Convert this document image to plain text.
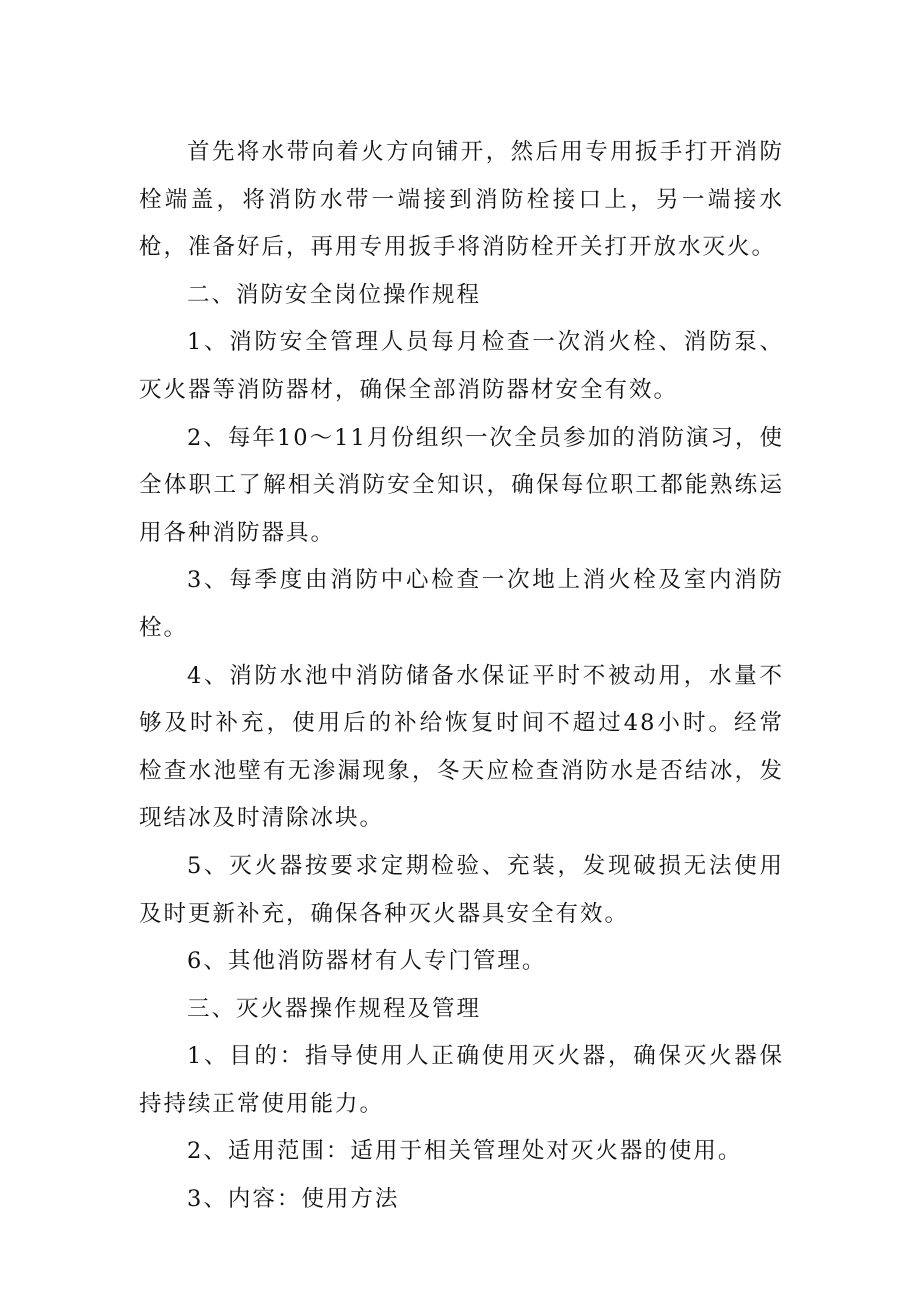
首先将水带向着火方向铺开，然后用专用扳手打开消防栓端盖，将消防水带一端接到消防栓接口上，另一端接水枪，准备好后，再用专用扳手将消防栓开关打开放水灭火。

二、消防安全岗位操作规程

1、消防安全管理人员每月检查一次消火栓、消防泵、灭火器等消防器材，确保全部消防器材安全有效。

2、每年10～11月份组织一次全员参加的消防演习，使全体职工了解相关消防安全知识，确保每位职工都能熟练运用各种消防器具。

3、每季度由消防中心检查一次地上消火栓及室内消防栓。

4、消防水池中消防储备水保证平时不被动用，水量不够及时补充，使用后的补给恢复时间不超过48小时。经常检查水池壁有无渗漏现象，冬天应检查消防水是否结冰，发现结冰及时清除冰块。

5、灭火器按要求定期检验、充装，发现破损无法使用及时更新补充，确保各种灭火器具安全有效。

6、其他消防器材有人专门管理。

三、灭火器操作规程及管理

1、目的：指导使用人正确使用灭火器，确保灭火器保持持续正常使用能力。

2、适用范围：适用于相关管理处对灭火器的使用。

3、内容：使用方法
